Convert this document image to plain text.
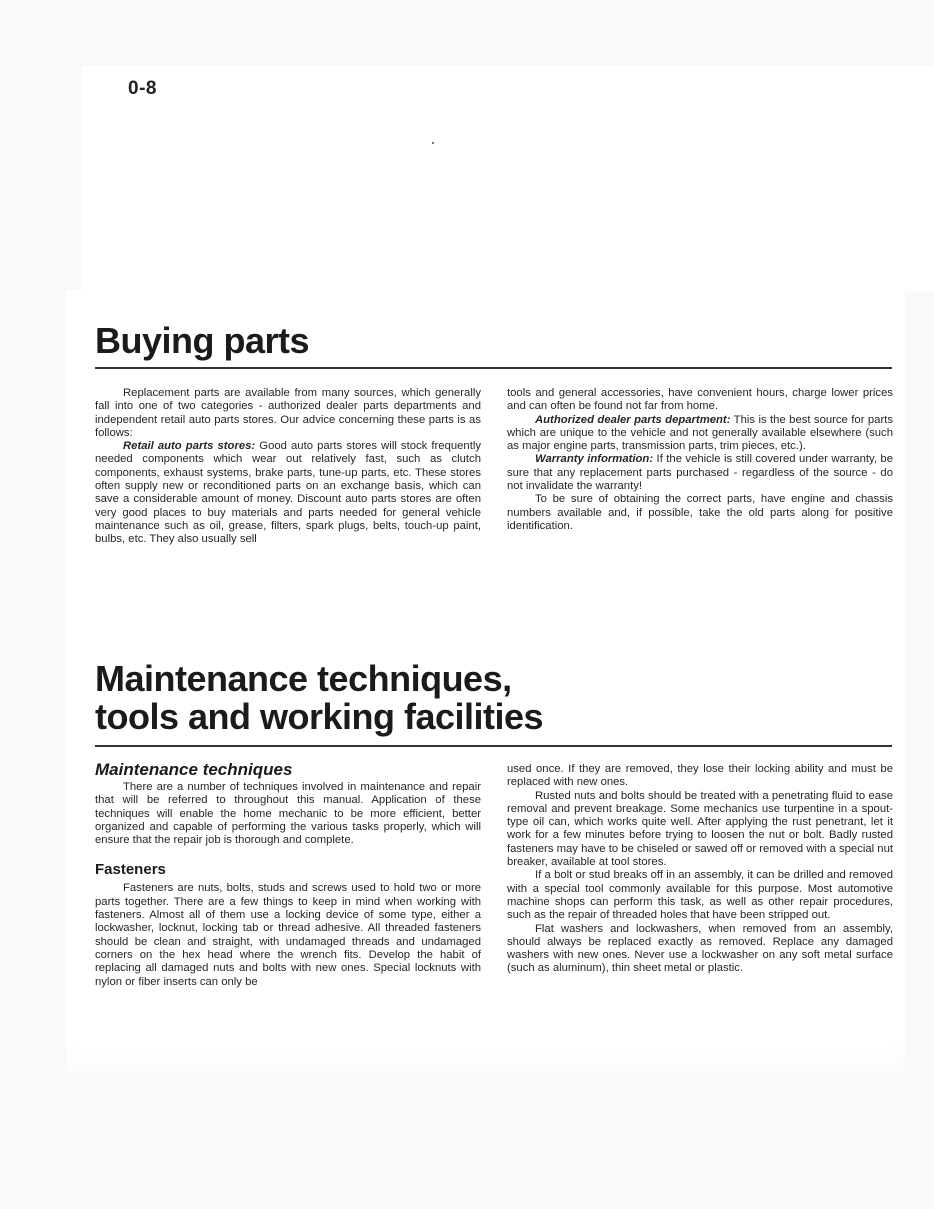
0-8
Buying parts

Replacement parts are available from many sources, which generally fall into one of two categories - authorized dealer parts departments and independent retail auto parts stores. Our advice concerning these parts is as follows:

Retail auto parts stores: Good auto parts stores will stock frequently needed components which wear out relatively fast, such as clutch components, exhaust systems, brake parts, tune-up parts, etc. These stores often supply new or reconditioned parts on an exchange basis, which can save a considerable amount of money. Discount auto parts stores are often very good places to buy materials and parts needed for general vehicle maintenance such as oil, grease, filters, spark plugs, belts, touch-up paint, bulbs, etc. They also usually sell

tools and general accessories, have convenient hours, charge lower prices and can often be found not far from home.

Authorized dealer parts department: This is the best source for parts which are unique to the vehicle and not generally available elsewhere (such as major engine parts, transmission parts, trim pieces, etc.).

Warranty information: If the vehicle is still covered under warranty, be sure that any replacement parts purchased - regardless of the source - do not invalidate the warranty!

To be sure of obtaining the correct parts, have engine and chassis numbers available and, if possible, take the old parts along for positive identification.

Maintenance techniques,
tools and working facilities
Maintenance techniques

There are a number of techniques involved in maintenance and repair that will be referred to throughout this manual. Application of these techniques will enable the home mechanic to be more efficient, better organized and capable of performing the various tasks properly, which will ensure that the repair job is thorough and complete.

Fasteners

Fasteners are nuts, bolts, studs and screws used to hold two or more parts together. There are a few things to keep in mind when working with fasteners. Almost all of them use a locking device of some type, either a lockwasher, locknut, locking tab or thread adhesive. All threaded fasteners should be clean and straight, with undamaged threads and undamaged corners on the hex head where the wrench fits. Develop the habit of replacing all damaged nuts and bolts with new ones. Special locknuts with nylon or fiber inserts can only be

used once. If they are removed, they lose their locking ability and must be replaced with new ones.

Rusted nuts and bolts should be treated with a penetrating fluid to ease removal and prevent breakage. Some mechanics use turpentine in a spout-type oil can, which works quite well. After applying the rust penetrant, let it work for a few minutes before trying to loosen the nut or bolt. Badly rusted fasteners may have to be chiseled or sawed off or removed with a special nut breaker, available at tool stores.

If a bolt or stud breaks off in an assembly, it can be drilled and removed with a special tool commonly available for this purpose. Most automotive machine shops can perform this task, as well as other repair procedures, such as the repair of threaded holes that have been stripped out.

Flat washers and lockwashers, when removed from an assembly, should always be replaced exactly as removed. Replace any damaged washers with new ones. Never use a lockwasher on any soft metal surface (such as aluminum), thin sheet metal or plastic.
